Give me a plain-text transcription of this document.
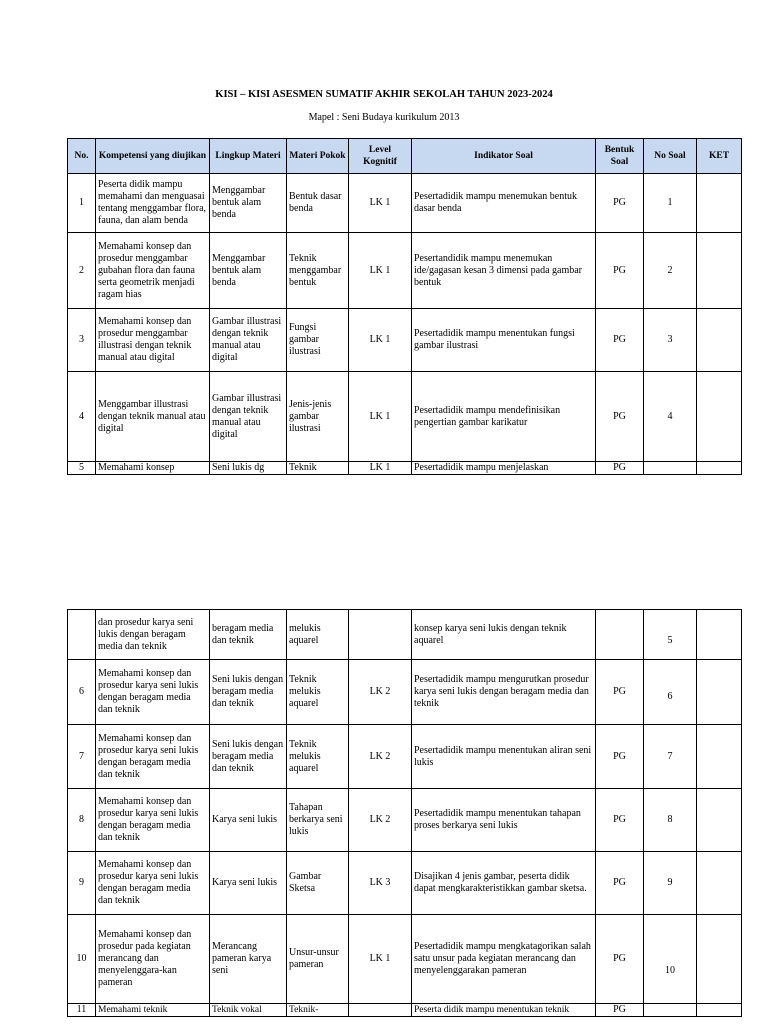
KISI – KISI ASESMEN SUMATIF AKHIR SEKOLAH TAHUN 2023-2024
Mapel : Seni Budaya kurikulum 2013
No.	Kompetensi yang diujikan	Lingkup Materi	Materi Pokok	Level Kognitif	Indikator Soal	Bentuk Soal	No Soal	KET
1	Peserta didik mampu memahami dan menguasai tentang menggambar flora, fauna, dan alam benda	Menggambar bentuk alam benda	Bentuk dasar benda	LK 1	Pesertadidik mampu menemukan bentuk dasar benda	PG	1	
2	Memahami konsep dan prosedur menggambar gubahan flora dan fauna serta geometrik menjadi ragam hias	Menggambar bentuk alam benda	Teknik menggambar bentuk	LK 1	Pesertandidik mampu menemukan ide/gagasan kesan 3 dimensi pada gambar bentuk	PG	2	
3	Memahami konsep dan prosedur menggambar illustrasi dengan teknik manual atau digital	Gambar illustrasi dengan teknik manual atau digital	Fungsi gambar ilustrasi	LK 1	Pesertadidik mampu menentukan fungsi gambar ilustrasi	PG	3	
4	Menggambar illustrasi dengan teknik manual atau digital	Gambar illustrasi dengan teknik manual atau digital	Jenis-jenis gambar ilustrasi	LK 1	Pesertadidik mampu mendefinisikan pengertian gambar karikatur	PG	4	
5	Memahami konsep	Seni lukis dg	Teknik	LK 1	Pesertadidik mampu menjelaskan	PG		
	dan prosedur karya seni lukis dengan beragam media dan teknik	beragam media dan teknik	melukis aquarel		konsep karya seni lukis dengan teknik aquarel		5	
6	Memahami konsep dan prosedur karya seni lukis dengan beragam media dan teknik	Seni lukis dengan beragam media dan teknik	Teknik melukis aquarel	LK 2	Pesertadidik mampu mengurutkan prosedur karya seni lukis dengan beragam media dan teknik	PG	6	
7	Memahami konsep dan prosedur karya seni lukis dengan beragam media dan teknik	Seni lukis dengan beragam media dan teknik	Teknik melukis aquarel	LK 2	Pesertadidik mampu menentukan aliran seni lukis	PG	7	
8	Memahami konsep dan prosedur karya seni lukis dengan beragam media dan teknik	Karya seni lukis	Tahapan berkarya seni lukis	LK 2	Pesertadidik mampu menentukan tahapan proses berkarya seni lukis	PG	8	
9	Memahami konsep dan prosedur karya seni lukis dengan beragam media dan teknik	Karya seni lukis	Gambar Sketsa	LK 3	Disajikan 4 jenis gambar, peserta didik dapat mengkarakteristikkan gambar sketsa.	PG	9	
10	Memahami konsep dan prosedur pada kegiatan merancang dan menyelenggara-kan pameran	Merancang pameran karya seni	Unsur-unsur pameran	LK 1	Pesertadidik mampu mengkatagorikan salah satu unsur pada kegiatan merancang dan menyelenggarakan pameran	PG	10	
11	Memahami teknik	Teknik vokal	Teknik-		Peserta didik mampu menentukan teknik	PG		
